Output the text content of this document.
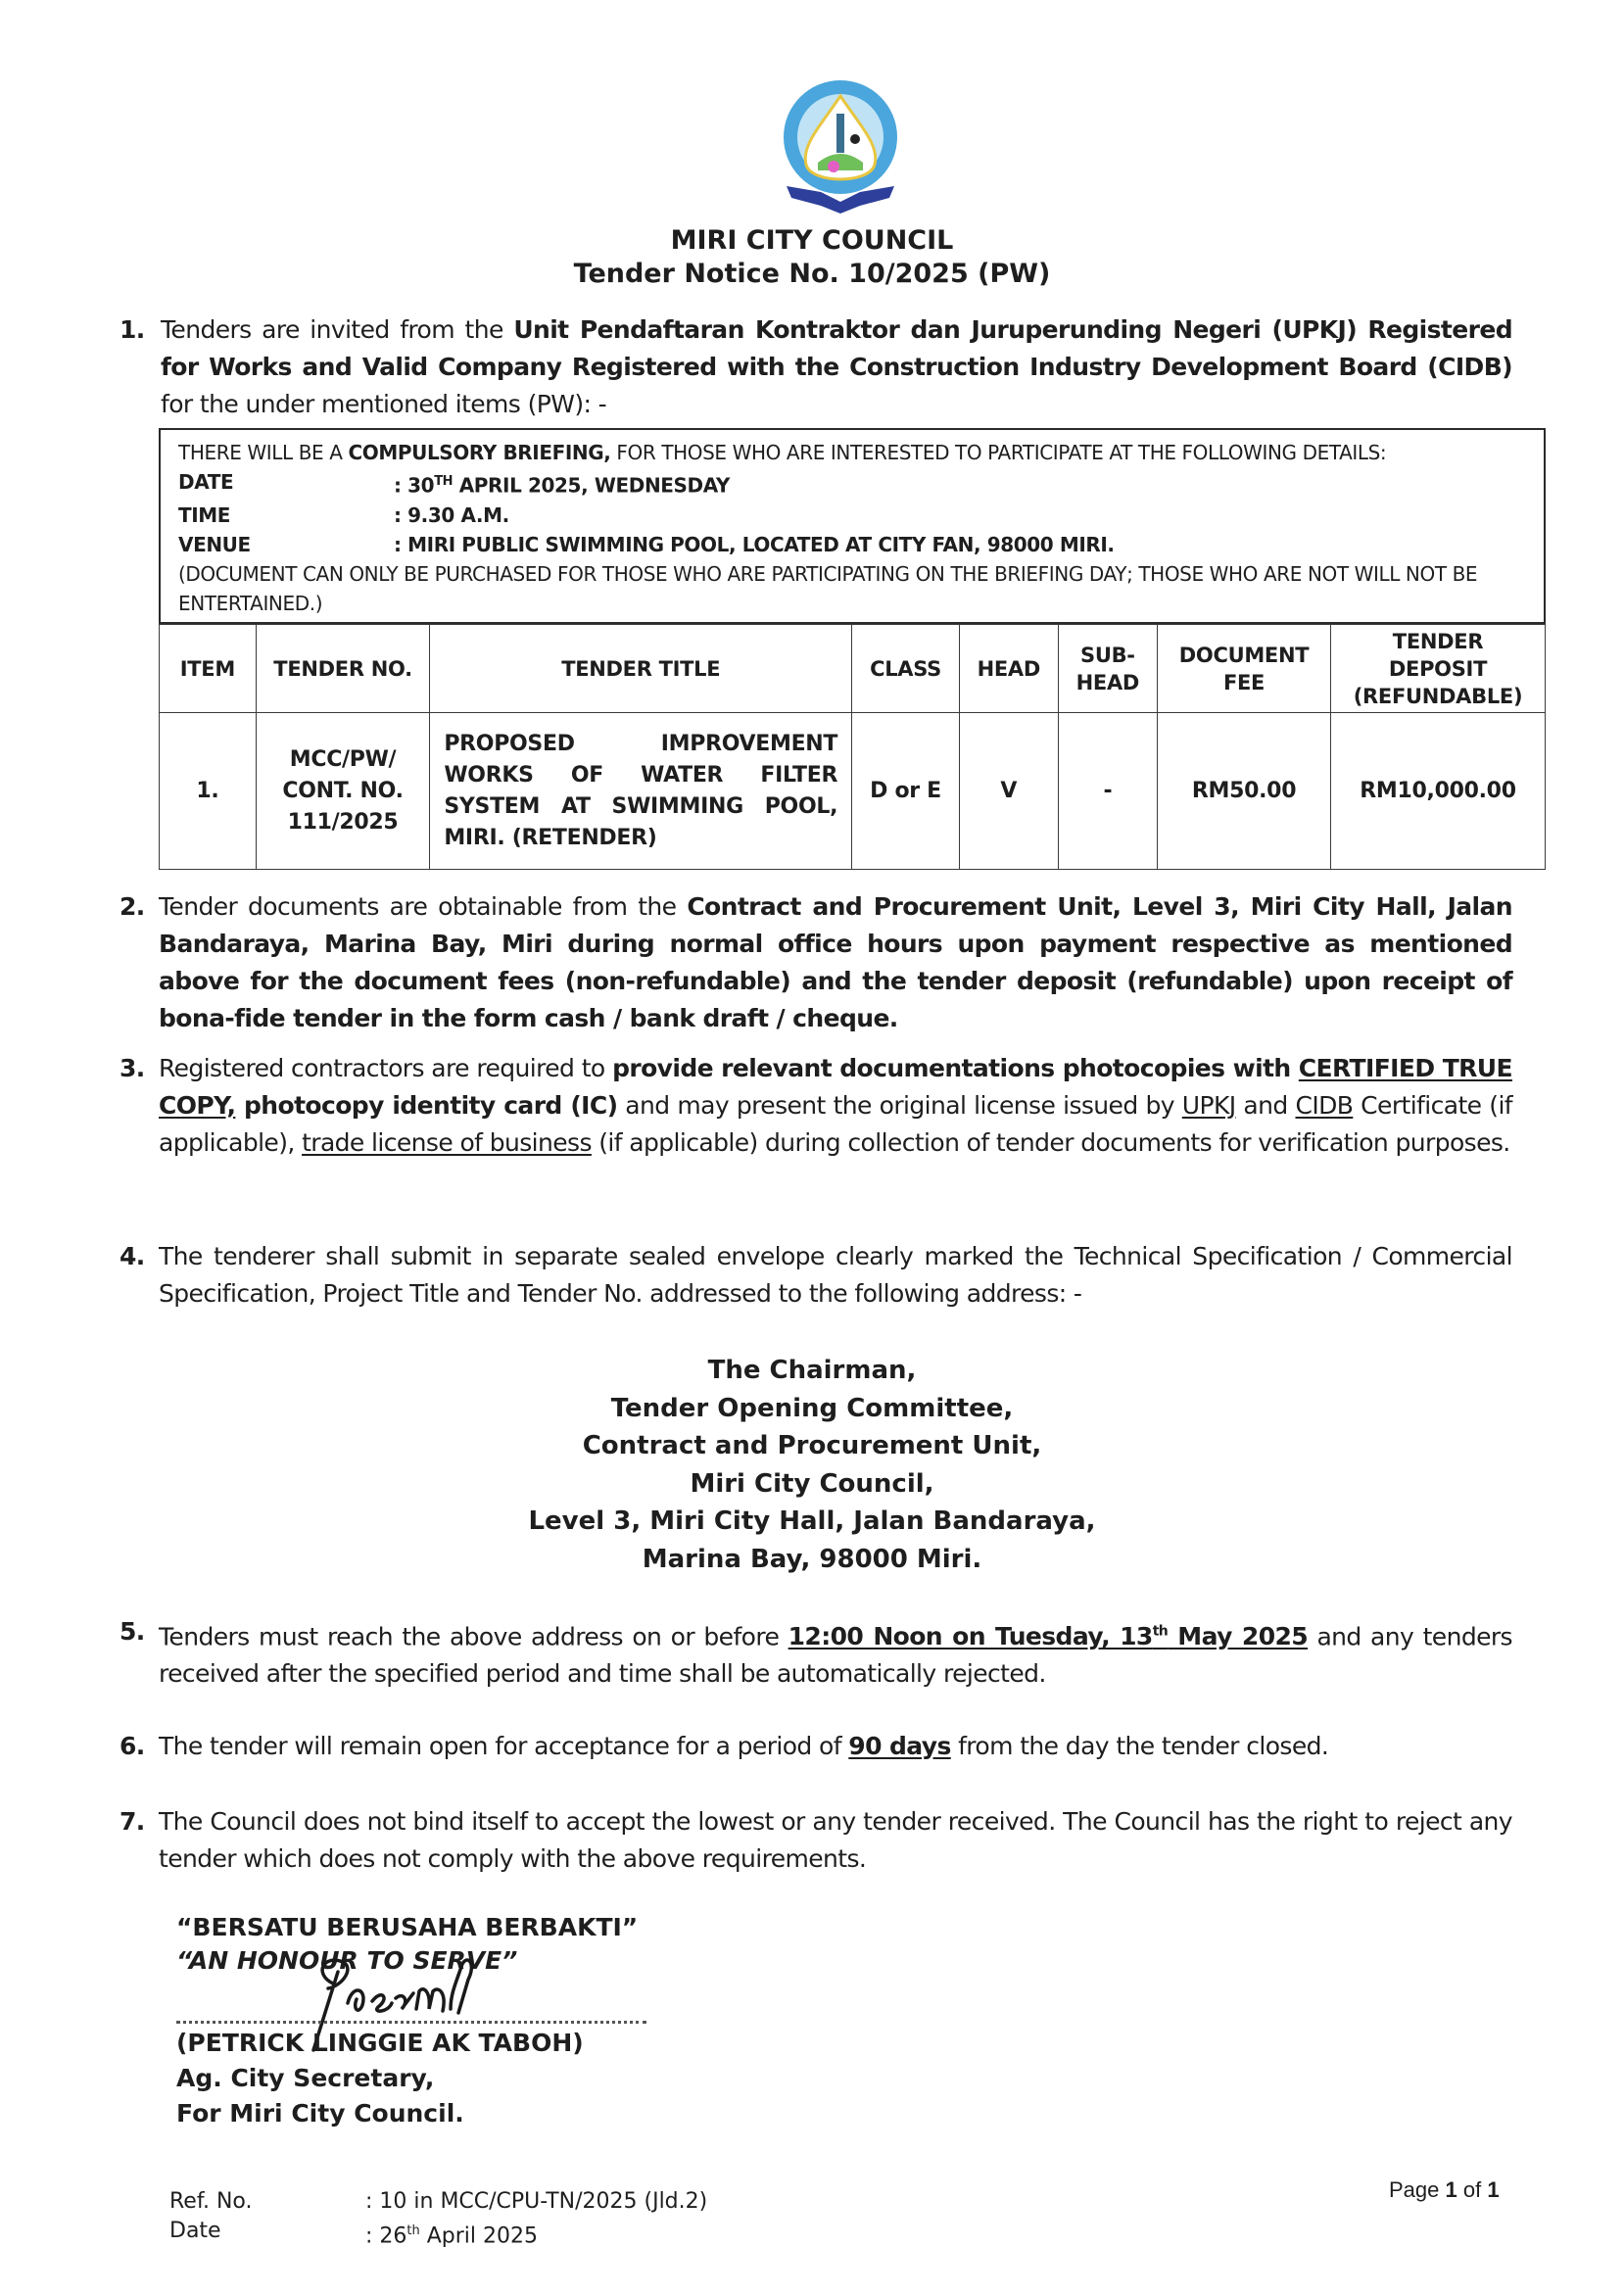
MIRI CITY COUNCIL
Tender Notice No. 10/2025 (PW)
1. Tenders are invited from the Unit Pendaftaran Kontraktor dan Juruperunding Negeri (UPKJ) Registered for Works and Valid Company Registered with the Construction Industry Development Board (CIDB) for the under mentioned items (PW): -
THERE WILL BE A COMPULSORY BRIEFING, FOR THOSE WHO ARE INTERESTED TO PARTICIPATE AT THE FOLLOWING DETAILS:
DATE	: 30TH APRIL 2025, WEDNESDAY
TIME	: 9.30 A.M.
VENUE	: MIRI PUBLIC SWIMMING POOL, LOCATED AT CITY FAN, 98000 MIRI.
(DOCUMENT CAN ONLY BE PURCHASED FOR THOSE WHO ARE PARTICIPATING ON THE BRIEFING DAY; THOSE WHO ARE NOT WILL NOT BE ENTERTAINED.)
ITEM	TENDER NO.	TENDER TITLE	CLASS	HEAD	SUB-HEAD	DOCUMENT FEE	TENDER DEPOSIT (REFUNDABLE)
1.	MCC/PW/ CONT. NO. 111/2025	PROPOSED IMPROVEMENT WORKS OF WATER FILTER SYSTEM AT SWIMMING POOL, MIRI. (RETENDER)	D or E	V	-	RM50.00	RM10,000.00
2. Tender documents are obtainable from the Contract and Procurement Unit, Level 3, Miri City Hall, Jalan Bandaraya, Marina Bay, Miri during normal office hours upon payment respective as mentioned above for the document fees (non-refundable) and the tender deposit (refundable) upon receipt of bona-fide tender in the form cash / bank draft / cheque.
3. Registered contractors are required to provide relevant documentations photocopies with CERTIFIED TRUE COPY, photocopy identity card (IC) and may present the original license issued by UPKJ and CIDB Certificate (if applicable), trade license of business (if applicable) during collection of tender documents for verification purposes.
4. The tenderer shall submit in separate sealed envelope clearly marked the Technical Specification / Commercial Specification, Project Title and Tender No. addressed to the following address: -
The Chairman,
Tender Opening Committee,
Contract and Procurement Unit,
Miri City Council,
Level 3, Miri City Hall, Jalan Bandaraya,
Marina Bay, 98000 Miri.
5. Tenders must reach the above address on or before 12:00 Noon on Tuesday, 13th May 2025 and any tenders received after the specified period and time shall be automatically rejected.
6. The tender will remain open for acceptance for a period of 90 days from the day the tender closed.
7. The Council does not bind itself to accept the lowest or any tender received. The Council has the right to reject any tender which does not comply with the above requirements.
“BERSATU BERUSAHA BERBAKTI”
“AN HONOUR TO SERVE”
(PETRICK LINGGIE AK TABOH)
Ag. City Secretary,
For Miri City Council.
Ref. No.	: 10 in MCC/CPU-TN/2025 (Jld.2)
Date	: 26th April 2025
Page 1 of 1
